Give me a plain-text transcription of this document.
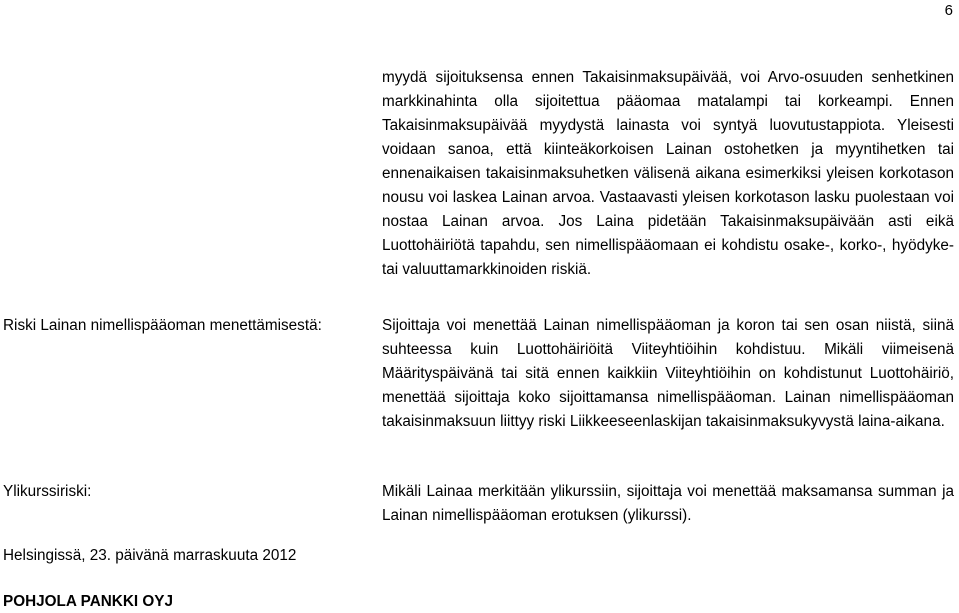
6

myydä sijoituksensa ennen Takaisinmaksupäivää, voi Arvo-osuuden senhetkinen markkinahinta olla sijoitettua pääomaa matalampi tai korkeampi. Ennen Takaisinmaksupäivää myydystä lainasta voi syntyä luovutustappiota. Yleisesti voidaan sanoa, että kiinteäkorkoisen Lainan ostohetken ja myyntihetken tai ennenaikaisen takaisinmaksuhetken välisenä aikana esimerkiksi yleisen korkotason nousu voi laskea Lainan arvoa. Vastaavasti yleisen korkotason lasku puolestaan voi nostaa Lainan arvoa. Jos Laina pidetään Takaisinmaksupäivään asti eikä Luottohäiriötä tapahdu, sen nimellispääomaan ei kohdistu osake-, korko-, hyödyke- tai valuuttamarkkinoiden riskiä.

Riski Lainan nimellispääoman menettämisestä:	Sijoittaja voi menettää Lainan nimellispääoman ja koron tai sen osan niistä, siinä suhteessa kuin Luottohäiriöitä Viiteyhtiöihin kohdistuu. Mikäli viimeisenä Määrityspäivänä tai sitä ennen kaikkiin Viiteyhtiöihin on kohdistunut Luottohäiriö, menettää sijoittaja koko sijoittamansa nimellispääoman. Lainan nimellispääoman takaisinmaksuun liittyy riski Liikkeeseenlaskijan takaisinmaksukyvystä laina-aikana.

Ylikurssiriski:	Mikäli Lainaa merkitään ylikurssiin, sijoittaja voi menettää maksamansa summan ja Lainan nimellispääoman erotuksen (ylikurssi).

Helsingissä, 23. päivänä marraskuuta 2012

POHJOLA PANKKI OYJ
